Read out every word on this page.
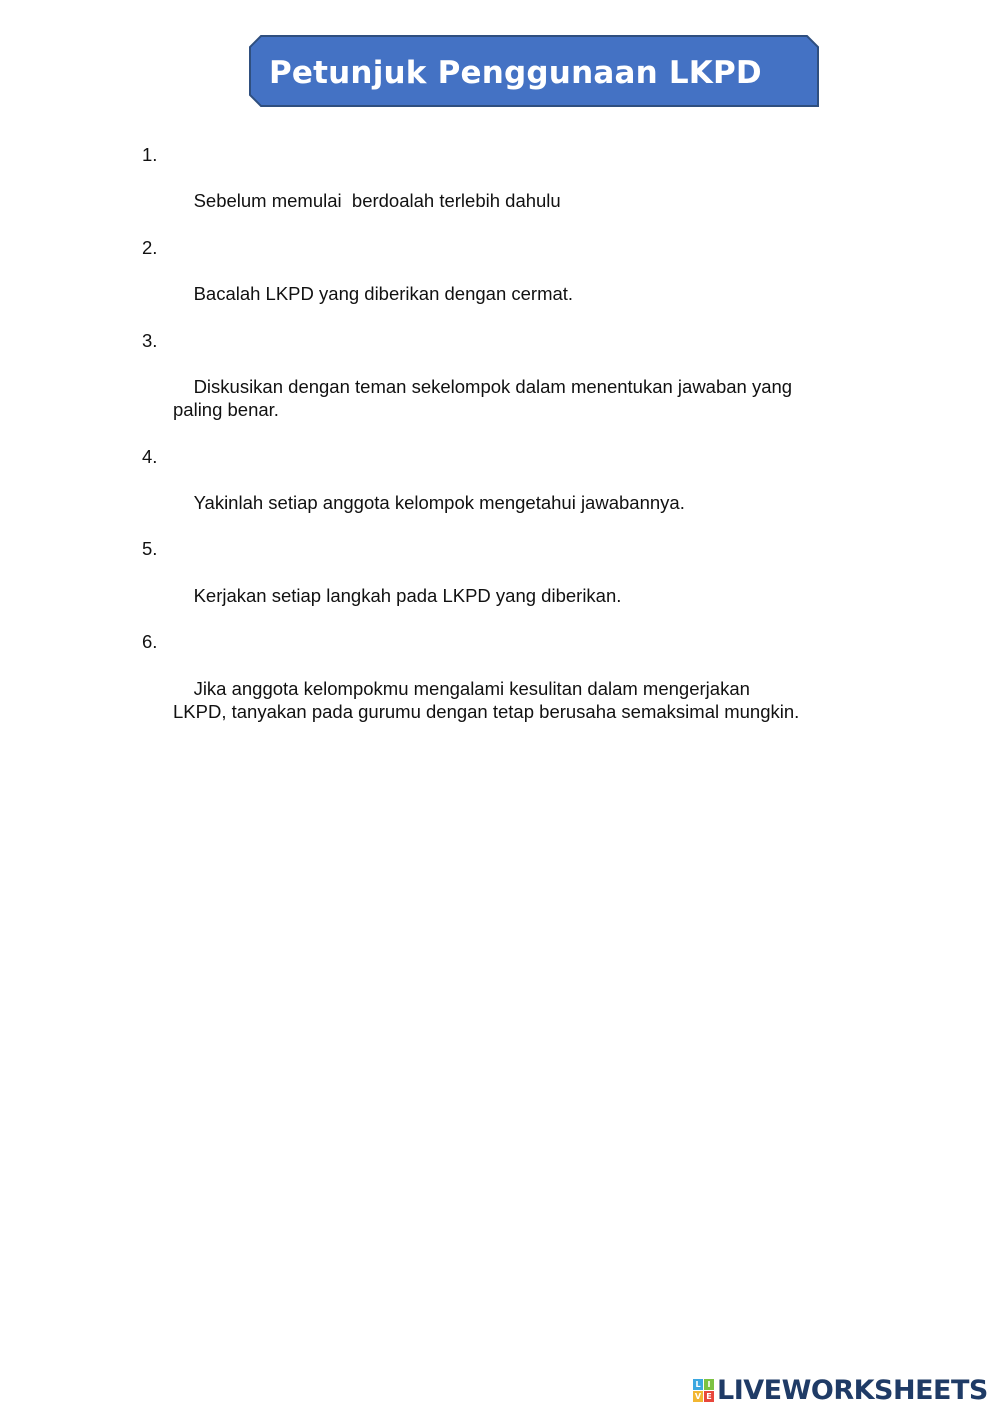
Petunjuk Penggunaan LKPD

1.

Sebelum memulai  berdoalah terlebih dahulu

2.

Bacalah LKPD yang diberikan dengan cermat.

3.

Diskusikan dengan teman sekelompok dalam menentukan jawaban yang paling benar.

4.

Yakinlah setiap anggota kelompok mengetahui jawabannya.

5.

Kerjakan setiap langkah pada LKPD yang diberikan.

6.

Jika anggota kelompokmu mengalami kesulitan dalam mengerjakan LKPD, tanyakan pada gurumu dengan tetap berusaha semaksimal mungkin.

L I
V E LIVEWORKSHEETS
